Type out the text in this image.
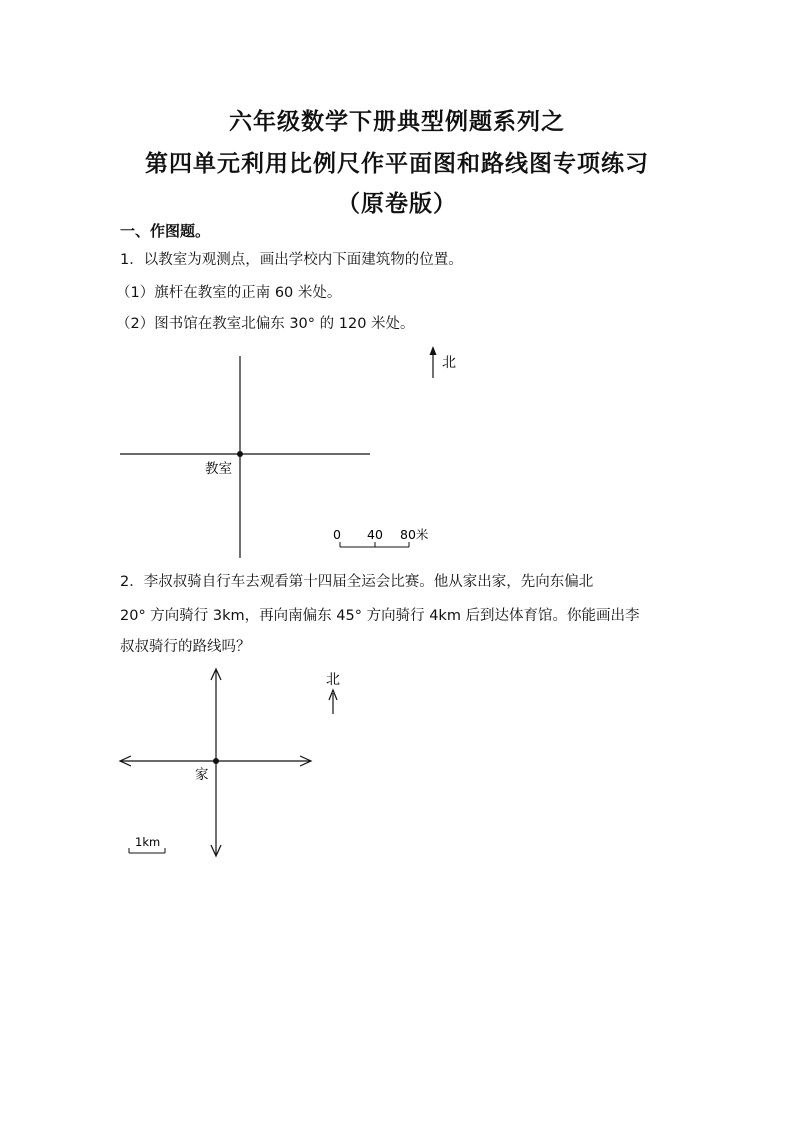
六年级数学下册典型例题系列之
第四单元利用比例尺作平面图和路线图专项练习
（原卷版）
一、作图题。
1．以教室为观测点，画出学校内下面建筑物的位置。
（1）旗杆在教室的正南 60 米处。
（2）图书馆在教室北偏东 30° 的 120 米处。
教室
北
0 40 80米
2．李叔叔骑自行车去观看第十四届全运会比赛。他从家出家，先向东偏北
20° 方向骑行 3km，再向南偏东 45° 方向骑行 4km 后到达体育馆。你能画出李
叔叔骑行的路线吗？
家
北
1km
